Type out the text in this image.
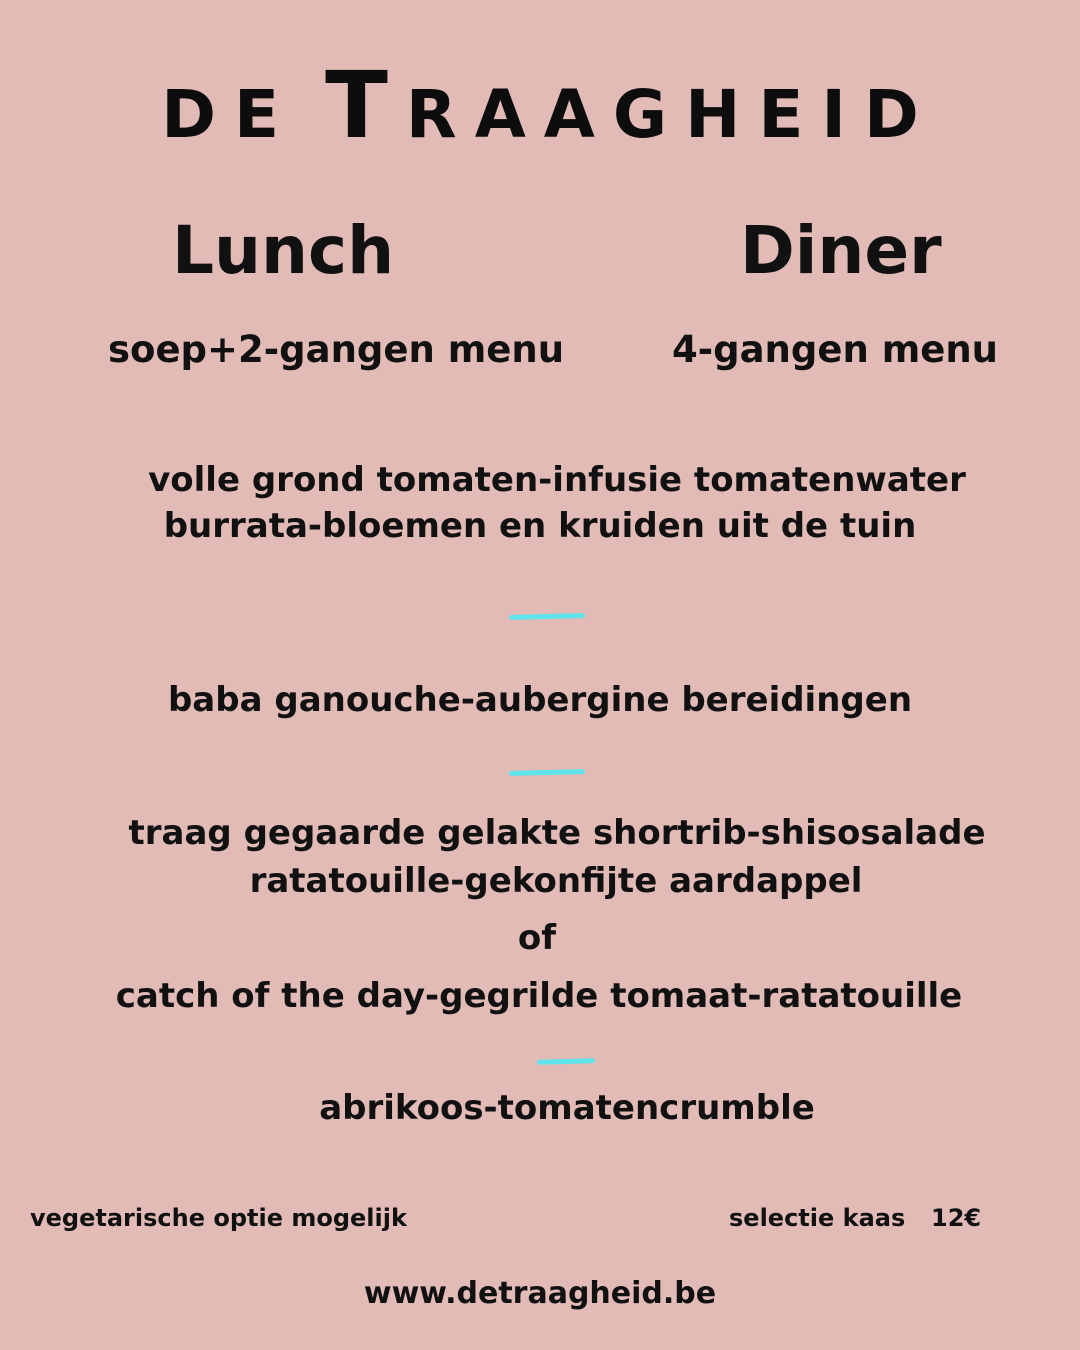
D E T R A A G H E I D
Lunch	Diner
soep+2-gangen menu	4-gangen menu
volle grond tomaten-infusie tomatenwater
burrata-bloemen en kruiden uit de tuin
baba ganouche-aubergine bereidingen
traag gegaarde gelakte shortrib-shisosalade
ratatouille-gekonfijte aardappel
of
catch of the day-gegrilde tomaat-ratatouille
abrikoos-tomatencrumble
vegetarische optie mogelijk	selectie kaas 12€
www.detraagheid.be
